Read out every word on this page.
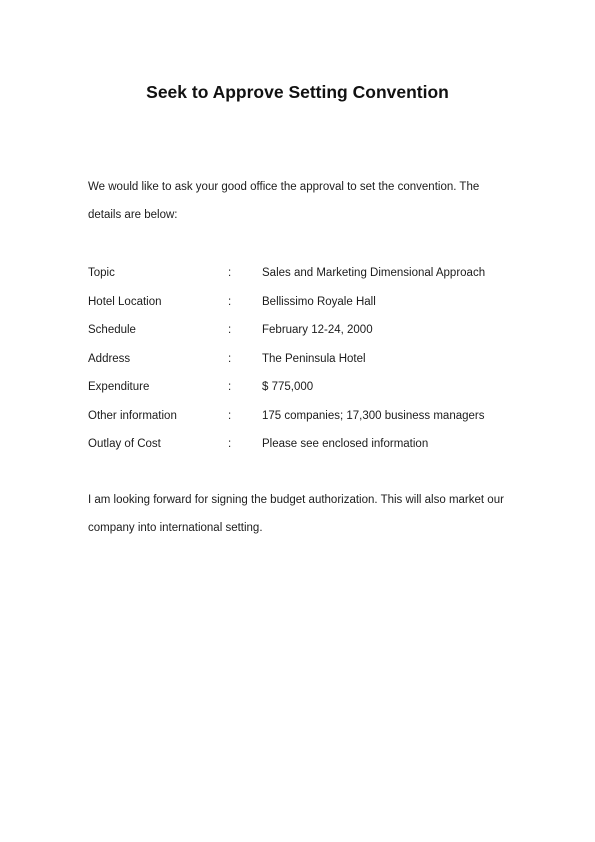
Seek to Approve Setting Convention
We would like to ask your good office the approval to set the convention. The details are below:
Topic	:	Sales and Marketing Dimensional Approach
Hotel Location	:	Bellissimo Royale Hall
Schedule	:	February 12-24, 2000
Address	:	The Peninsula Hotel
Expenditure	:	$ 775,000
Other information	:	175 companies; 17,300 business managers
Outlay of Cost	:	Please see enclosed information
I am looking forward for signing the budget authorization. This will also market our company into international setting.
